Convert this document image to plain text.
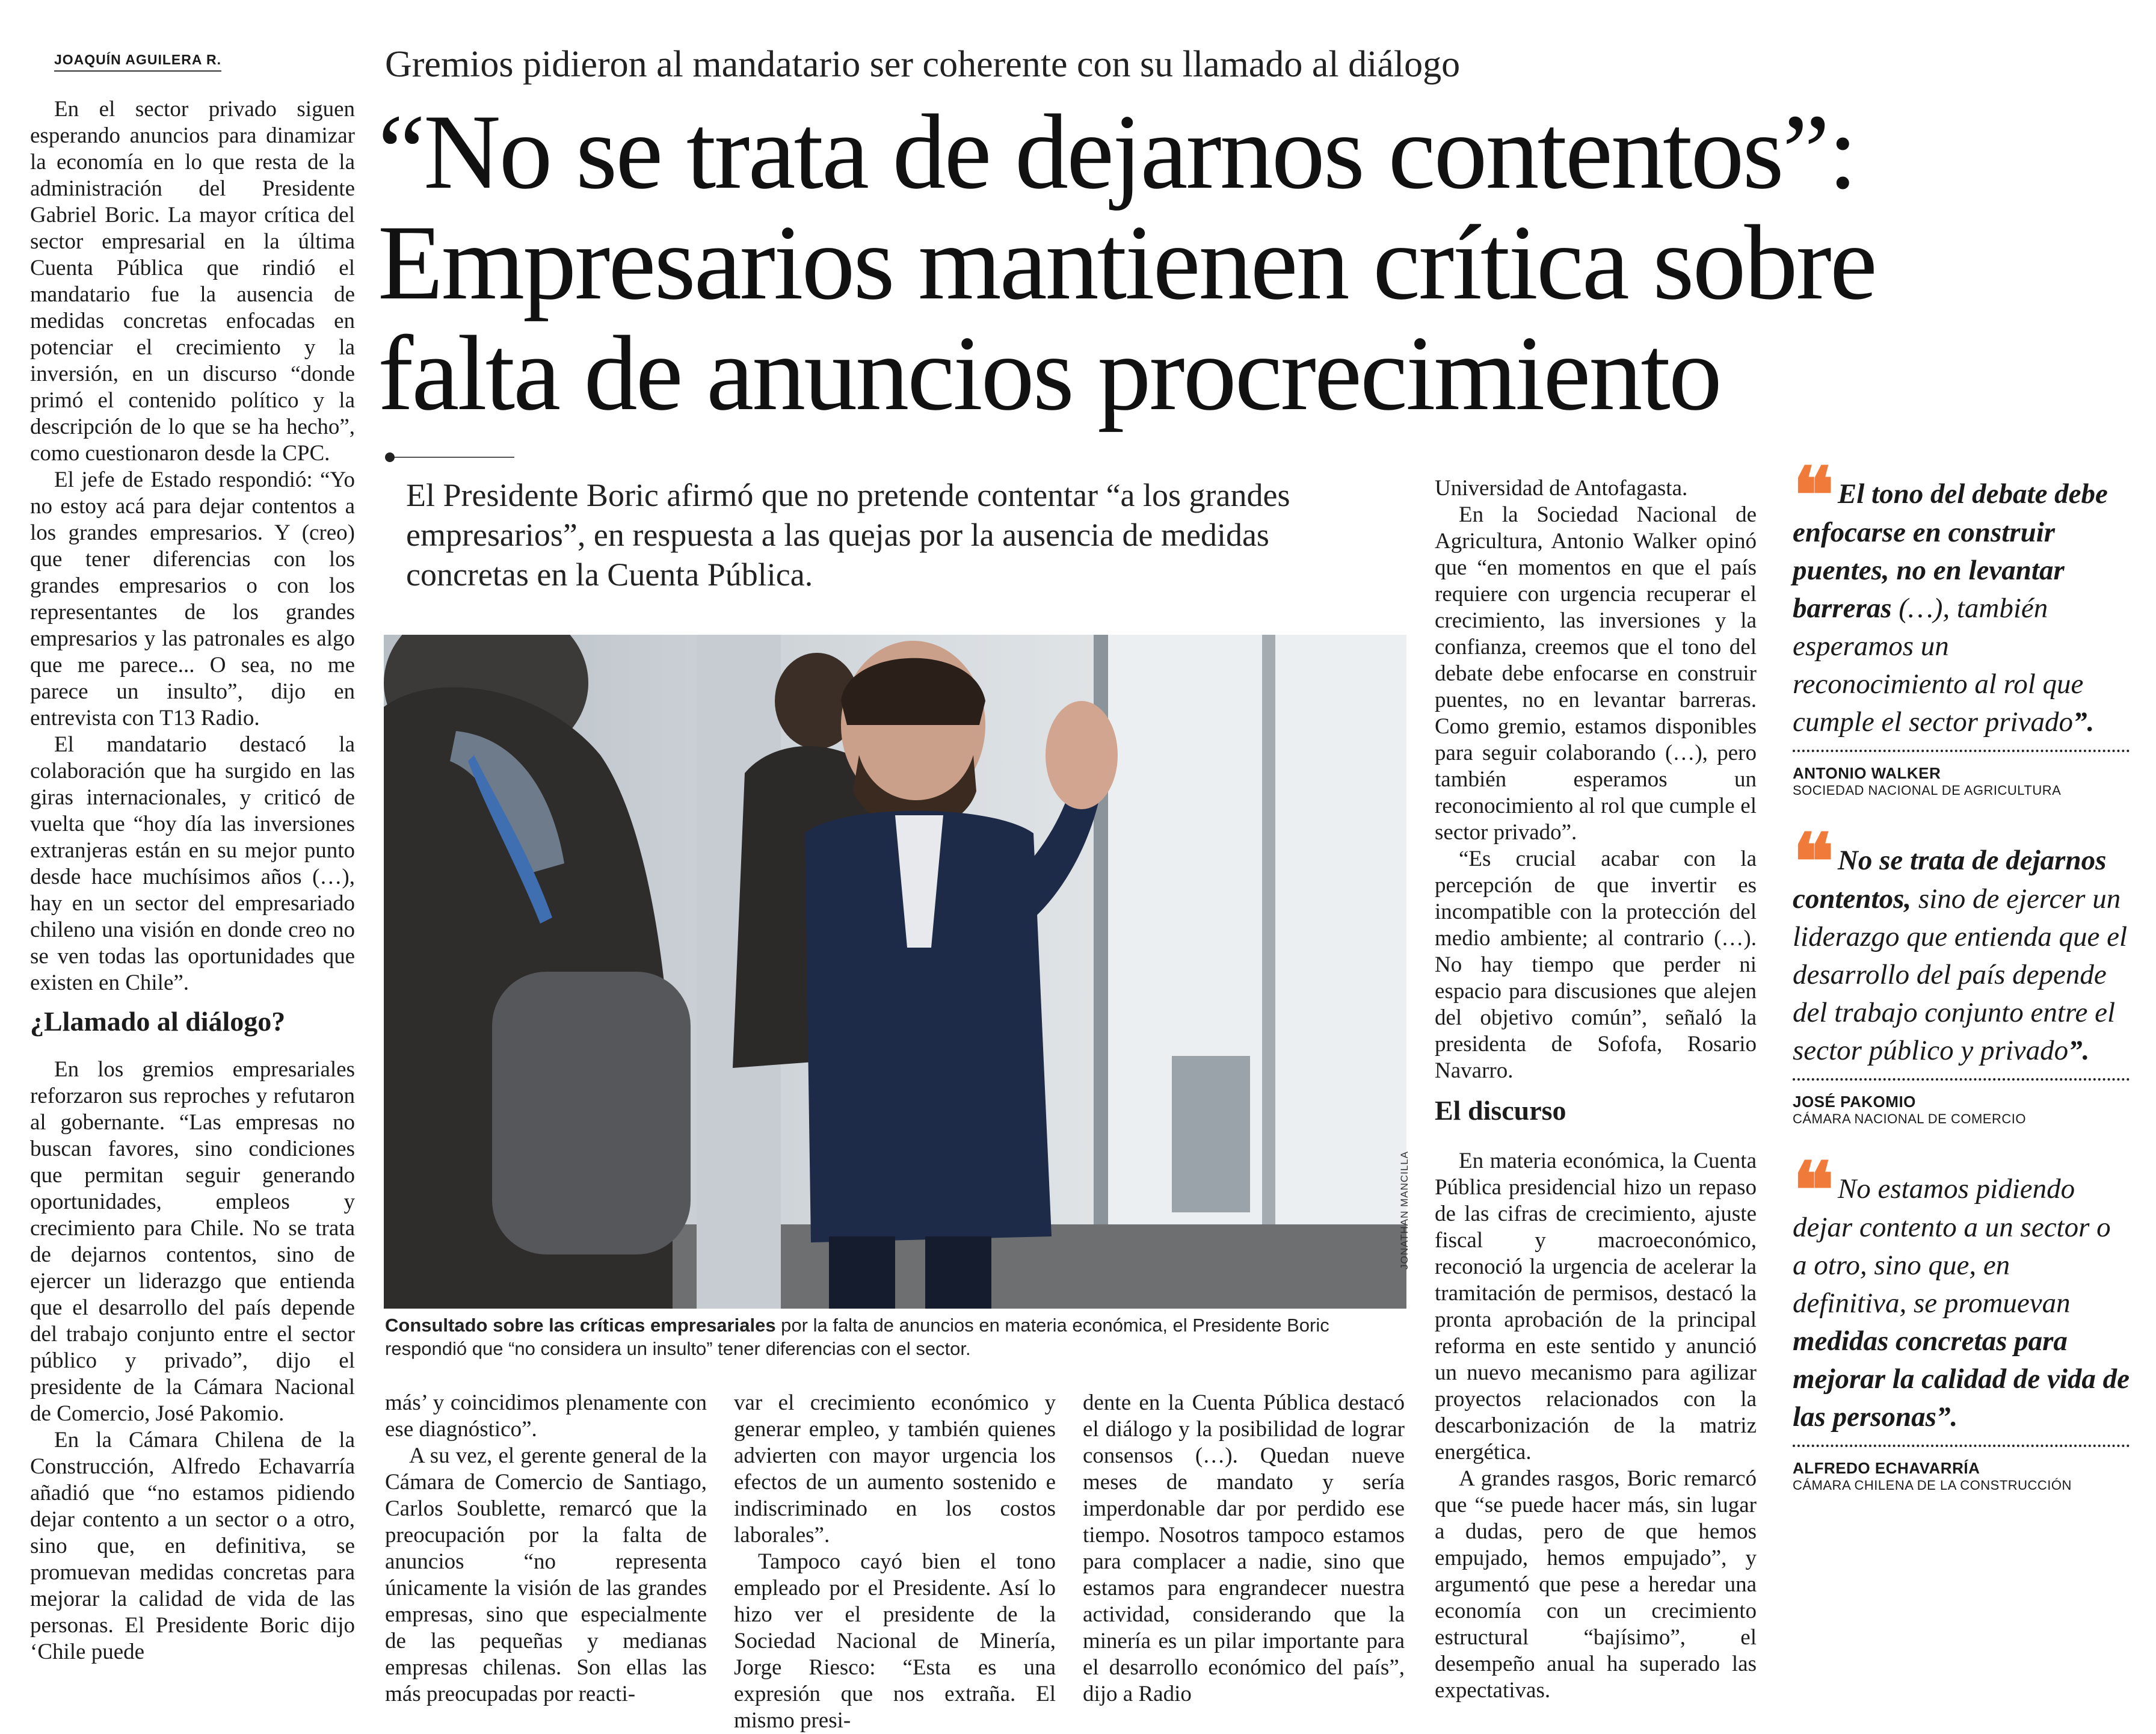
JOAQUÍN AGUILERA R.	Gremios pidieron al mandatario ser coherente con su llamado al diálogo
“No se trata de dejarnos contentos”:
Empresarios mantienen crítica sobre
falta de anuncios procrecimiento
El Presidente Boric afirmó que no pretende contentar “a los grandes empresarios”, en respuesta a las quejas por la ausencia de medidas concretas en la Cuenta Pública.

En el sector privado siguen esperando anuncios para dinamizar la economía en lo que resta de la administración del Presidente Gabriel Boric. La mayor crítica del sector empresarial en la última Cuenta Pública que rindió el mandatario fue la ausencia de medidas concretas enfocadas en potenciar el crecimiento y la inversión, en un discurso “donde primó el contenido político y la descripción de lo que se ha hecho”, como cuestionaron desde la CPC.

El jefe de Estado respondió: “Yo no estoy acá para dejar contentos a los grandes empresarios. Y (creo) que tener diferencias con los grandes empresarios o con los representantes de los grandes empresarios y las patronales es algo que me parece... O sea, no me parece un insulto”, dijo en entrevista con T13 Radio.

El mandatario destacó la colaboración que ha surgido en las giras internacionales, y criticó de vuelta que “hoy día las inversiones extranjeras están en su mejor punto desde hace muchísimos años (…), hay en un sector del empresariado chileno una visión en donde creo no se ven todas las oportunidades que existen en Chile”.

¿Llamado al diálogo?

En los gremios empresariales reforzaron sus reproches y refutaron al gobernante. “Las empresas no buscan favores, sino condiciones que permitan seguir generando oportunidades, empleos y crecimiento para Chile. No se trata de dejarnos contentos, sino de ejercer un liderazgo que entienda que el desarrollo del país depende del trabajo conjunto entre el sector público y privado”, dijo el presidente de la Cámara Nacional de Comercio, José Pakomio.

En la Cámara Chilena de la Construcción, Alfredo Echavarría añadió que “no estamos pidiendo dejar contento a un sector o a otro, sino que, en definitiva, se promuevan medidas concretas para mejorar la calidad de vida de las personas. El Presidente Boric dijo ‘Chile puede

JONATHAN MANCILLA
Consultado sobre las críticas empresariales por la falta de anuncios en materia económica, el Presidente Boric respondió que “no considera un insulto” tener diferencias con el sector.

más’ y coincidimos plenamente con ese diagnóstico”.

A su vez, el gerente general de la Cámara de Comercio de Santiago, Carlos Soublette, remarcó que la preocupación por la falta de anuncios “no representa únicamente la visión de las grandes empresas, sino que especialmente de las pequeñas y medianas empresas chilenas. Son ellas las más preocupadas por reacti-

var el crecimiento económico y generar empleo, y también quienes advierten con mayor urgencia los efectos de un aumento sostenido e indiscriminado en los costos laborales”.

Tampoco cayó bien el tono empleado por el Presidente. Así lo hizo ver el presidente de la Sociedad Nacional de Minería, Jorge Riesco: “Esta es una expresión que nos extraña. El mismo presi-

dente en la Cuenta Pública destacó el diálogo y la posibilidad de lograr consensos (…). Quedan nueve meses de mandato y sería imperdonable dar por perdido ese tiempo. Nosotros tampoco estamos para complacer a nadie, sino que estamos para engrandecer nuestra actividad, considerando que la minería es un pilar importante para el desarrollo económico del país”, dijo a Radio

Universidad de Antofagasta.

En la Sociedad Nacional de Agricultura, Antonio Walker opinó que “en momentos en que el país requiere con urgencia recuperar el crecimiento, las inversiones y la confianza, creemos que el tono del debate debe enfocarse en construir puentes, no en levantar barreras. Como gremio, estamos disponibles para seguir colaborando (…), pero también esperamos un reconocimiento al rol que cumple el sector privado”.

“Es crucial acabar con la percepción de que invertir es incompatible con la protección del medio ambiente; al contrario (…). No hay tiempo que perder ni espacio para discusiones que alejen del objetivo común”, señaló la presidenta de Sofofa, Rosario Navarro.

El discurso

En materia económica, la Cuenta Pública presidencial hizo un repaso de las cifras de crecimiento, ajuste fiscal y macroeconómico, reconoció la urgencia de acelerar la tramitación de permisos, destacó la pronta aprobación de la principal reforma en este sentido y anunció un nuevo mecanismo para agilizar proyectos relacionados con la descarbonización de la matriz energética.

A grandes rasgos, Boric remarcó que “se puede hacer más, sin lugar a dudas, pero de que hemos empujado, hemos empujado”, y argumentó que pese a heredar una economía con un crecimiento estructural “bajísimo”, el desempeño anual ha superado las expectativas.

❝ El tono del debate debe enfocarse en construir puentes, no en levantar barreras (…), también esperamos un reconocimiento al rol que cumple el sector privado”.
ANTONIO WALKER
SOCIEDAD NACIONAL DE AGRICULTURA
❝ No se trata de dejarnos contentos, sino de ejercer un liderazgo que entienda que el desarrollo del país depende del trabajo conjunto entre el sector público y privado”.
JOSÉ PAKOMIO
CÁMARA NACIONAL DE COMERCIO
❝ No estamos pidiendo dejar contento a un sector o a otro, sino que, en definitiva, se promuevan medidas concretas para mejorar la calidad de vida de las personas”.
ALFREDO ECHAVARRÍA
CÁMARA CHILENA DE LA CONSTRUCCIÓN
